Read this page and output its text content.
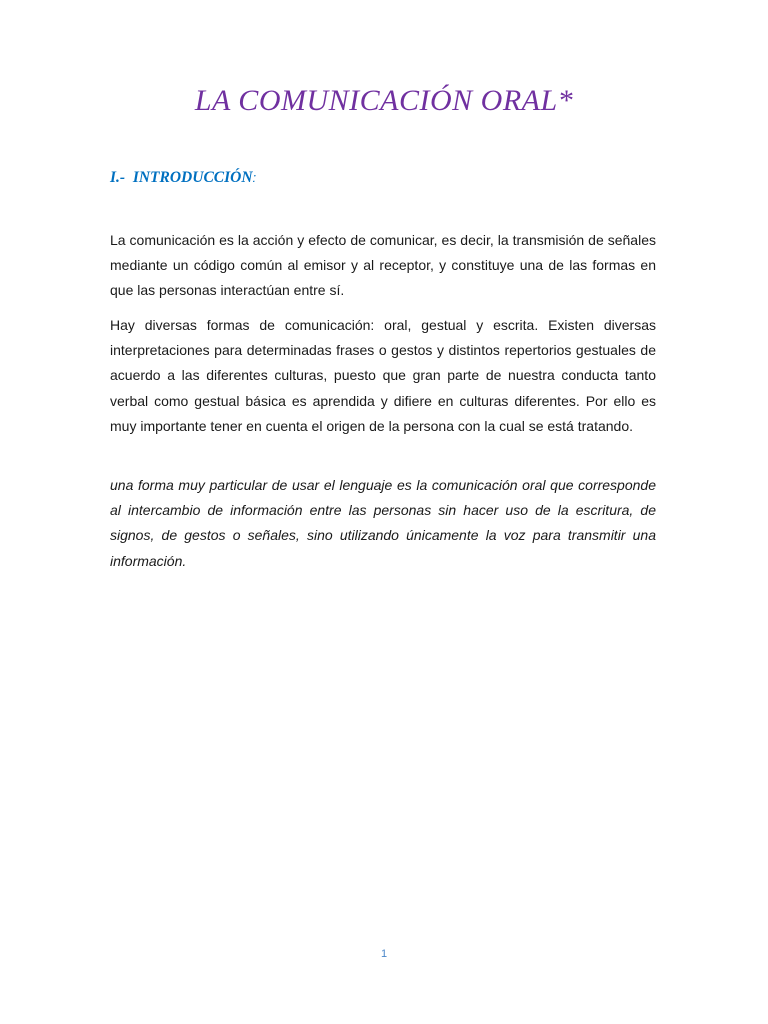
LA COMUNICACIÓN ORAL*
I.- INTRODUCCIÓN:

La comunicación es la acción y efecto de comunicar, es decir, la transmisión de señales mediante un código común al emisor y al receptor, y constituye una de las formas en que las personas interactúan entre sí.

Hay diversas formas de comunicación: oral, gestual y escrita. Existen diversas interpretaciones para determinadas frases o gestos y distintos repertorios gestuales de acuerdo a las diferentes culturas, puesto que gran parte de nuestra conducta tanto verbal como gestual básica es aprendida y difiere en culturas diferentes. Por ello es muy importante tener en cuenta el origen de la persona con la cual se está tratando.

una forma muy particular de usar el lenguaje es la comunicación oral que corresponde al intercambio de información entre las personas sin hacer uso de la escritura, de signos, de gestos o señales, sino utilizando únicamente la voz para transmitir una información.

1
